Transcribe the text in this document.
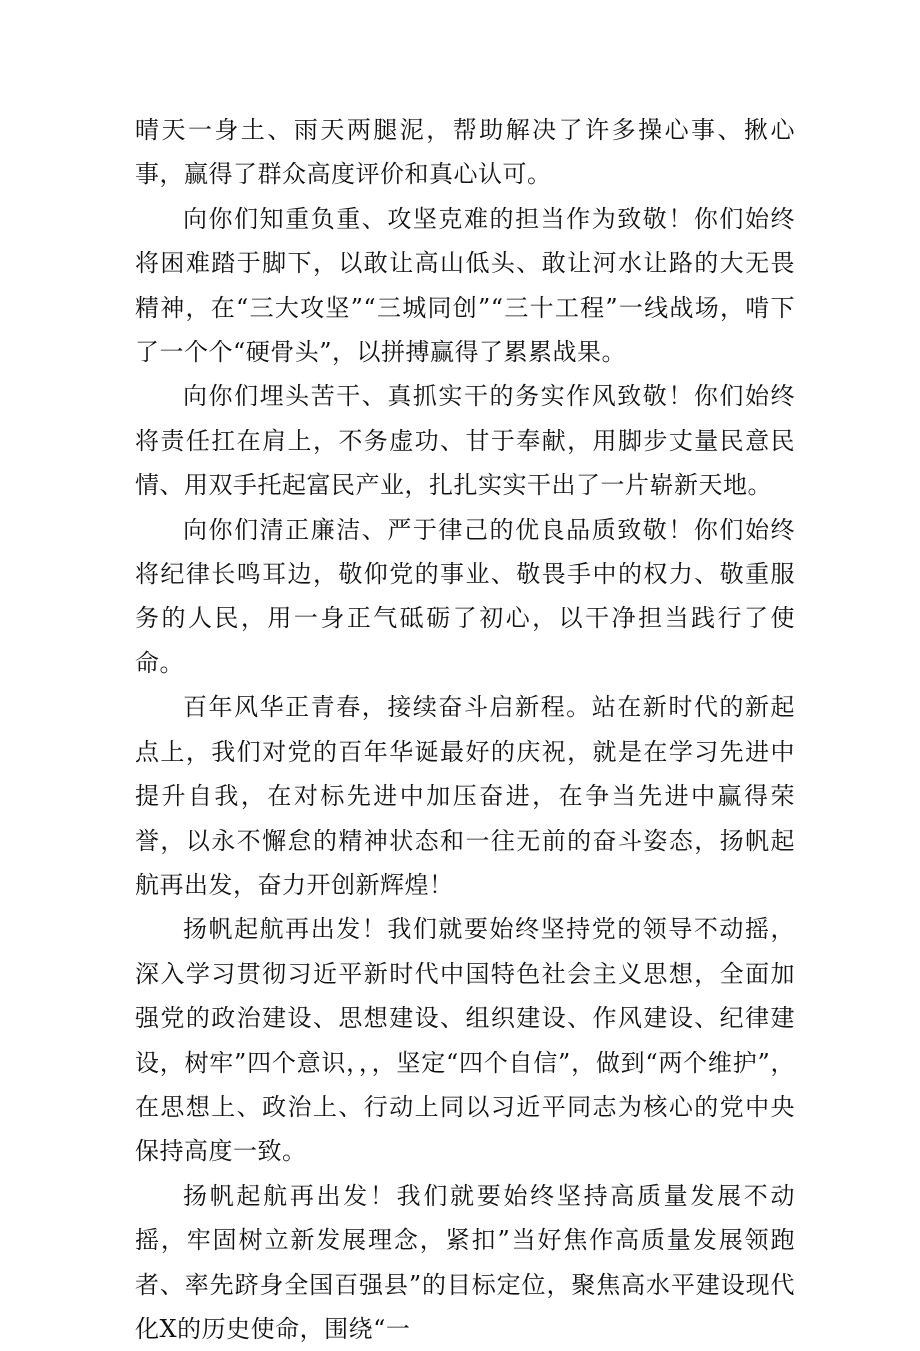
晴天一身土、雨天两腿泥，帮助解决了许多操心事、揪心事，赢得了群众高度评价和真心认可。

向你们知重负重、攻坚克难的担当作为致敬！你们始终将困难踏于脚下，以敢让高山低头、敢让河水让路的大无畏精神，在“三大攻坚”“三城同创”“三十工程”一线战场，啃下了一个个“硬骨头”，以拼搏赢得了累累战果。

向你们埋头苦干、真抓实干的务实作风致敬！你们始终将责任扛在肩上，不务虚功、甘于奉献，用脚步丈量民意民情、用双手托起富民产业，扎扎实实干出了一片崭新天地。

向你们清正廉洁、严于律己的优良品质致敬！你们始终将纪律长鸣耳边，敬仰党的事业、敬畏手中的权力、敬重服务的人民，用一身正气砥砺了初心，以干净担当践行了使命。

百年风华正青春，接续奋斗启新程。站在新时代的新起点上，我们对党的百年华诞最好的庆祝，就是在学习先进中提升自我，在对标先进中加压奋进，在争当先进中赢得荣誉，以永不懈怠的精神状态和一往无前的奋斗姿态，扬帆起航再出发，奋力开创新辉煌！

扬帆起航再出发！我们就要始终坚持党的领导不动摇，深入学习贯彻习近平新时代中国特色社会主义思想，全面加强党的政治建设、思想建设、组织建设、作风建设、纪律建设，树牢”四个意识，，，坚定“四个自信”，做到“两个维护”，在思想上、政治上、行动上同以习近平同志为核心的党中央保持高度一致。

扬帆起航再出发！我们就要始终坚持高质量发展不动摇，牢固树立新发展理念，紧扣”当好焦作高质量发展领跑者、率先跻身全国百强县”的目标定位，聚焦高水平建设现代化X的历史使命，围绕“一
